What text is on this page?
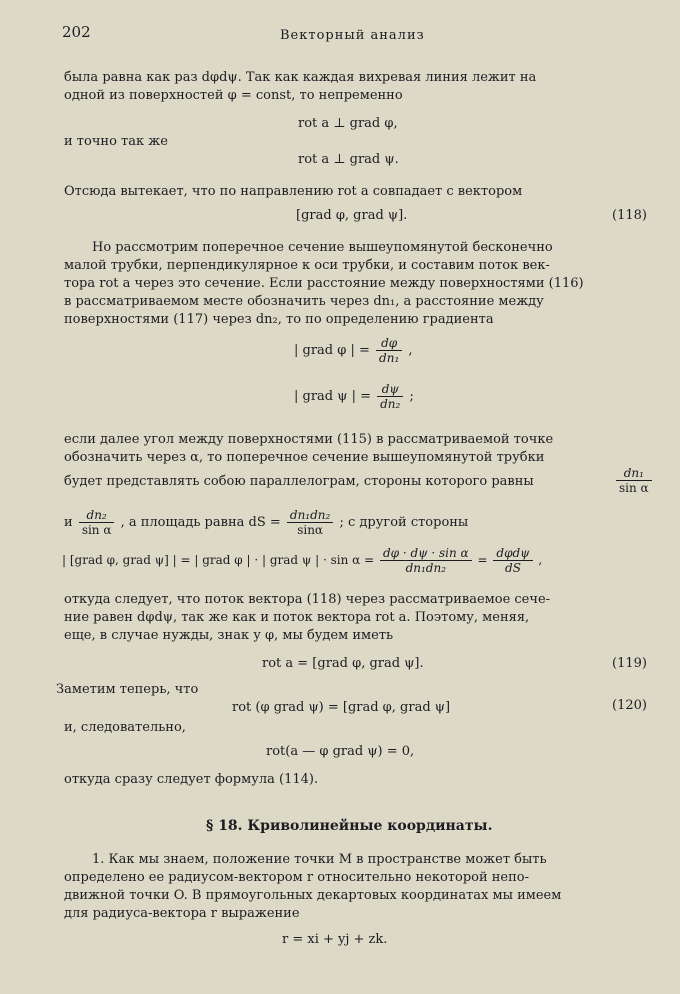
202	Векторный анализ
была равна как раз dφdψ. Так как каждая вихревая линия лежит на
одной из поверхностей φ = const, то непременно
rot a ⊥ grad φ,
и точно так же
rot a ⊥ grad ψ.
Отсюда вытекает, что по направлению rot a совпадает с вектором
[grad φ, grad ψ].	(118)
Но рассмотрим поперечное сечение вышеупомянутой бесконечно
малой трубки, перпендикулярное к оси трубки, и составим поток век-
тора rot a через это сечение. Если расстояние между поверхностями (116)
в рассматриваемом месте обозначить через dn₁, а расстояние между
поверхностями (117) через dn₂, то по определению градиента
| grad φ | = $\frac{d\varphi}{\text{dn₁}}$ ,
| grad ψ | = $\frac{d\psi}{\text{dn₂}}$ ;
если далее угол между поверхностями (115) в рассматриваемой точке
обозначить через α, то поперечное сечение вышеупомянутой трубки
будет представлять собою параллелограм, стороны которого равны	$\frac{\text{dn₁}}{\text{sin α}}$
и $\frac{\text{dn₂}}{\text{sin α}}$ , а площадь равна dS = $\frac{\text{dn₁dn₂}}{\sin\alpha}$ ; с другой стороны
| [grad φ, grad ψ] | = | grad φ | · | grad ψ | · $\sin \alpha = \frac{\text{dφ · dψ · sin α}}{\text{dn₁dn₂}} = \frac{\text{dφdψ}}{dS}$ ,
откуда следует, что поток вектора (118) через рассматриваемое сече-
ние равен dφdψ, так же как и поток вектора rot a. Поэтому, меняя,
еще, в случае нужды, знак у φ, мы будем иметь
rot a = [grad φ, grad ψ].	(119)
Заметим теперь, что
rot (φ grad ψ) = [grad φ, grad ψ]	(120)
и, следовательно,
rot(a — φ grad ψ) = 0,
откуда сразу следует формула (114).
§ 18. Криволинейные координаты.
1. Как мы знаем, положение точки M в пространстве может быть
определено ее радиусом-вектором r относительно некоторой непо-
движной точки O. В прямоугольных декартовых координатах мы имеем
для радиуса-вектора r выражение
r = xi + yj + zk.
